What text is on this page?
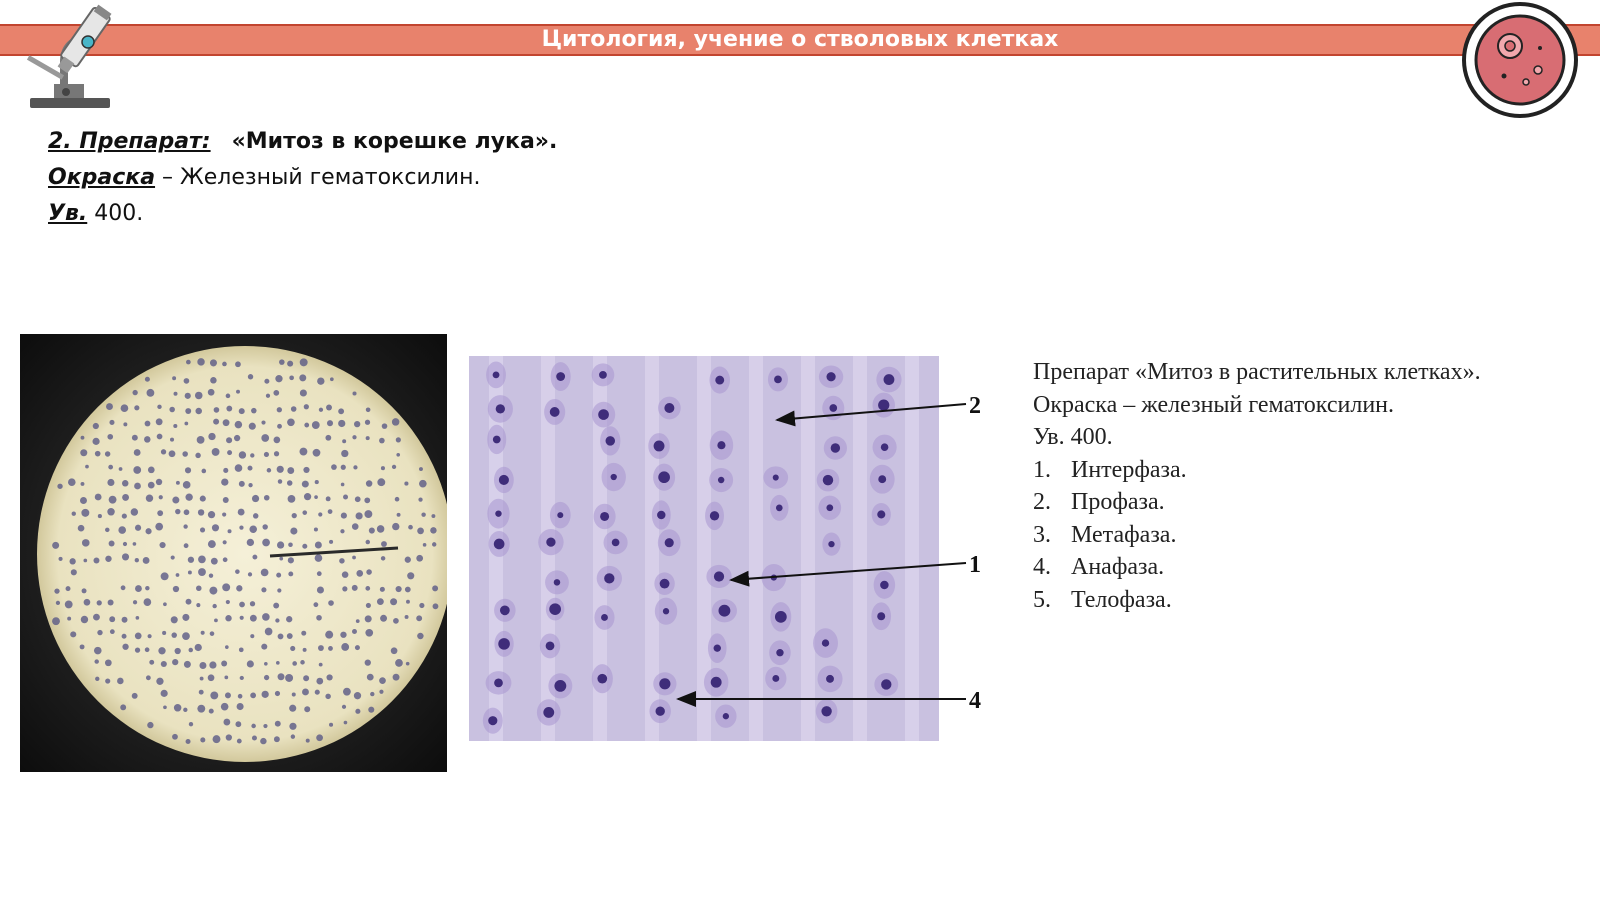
Цитология, учение о стволовых клетках
2. Препарат: «Митоз в корешке лука».
Окраска – Железный гематоксилин.
Ув. 400.
2
1
4
Препарат «Митоз в растительных клетках».
Окраска – железный гематоксилин.
Ув. 400.
1. Интерфаза.
2. Профаза.
3. Метафаза.
4. Анафаза.
5. Телофаза.
